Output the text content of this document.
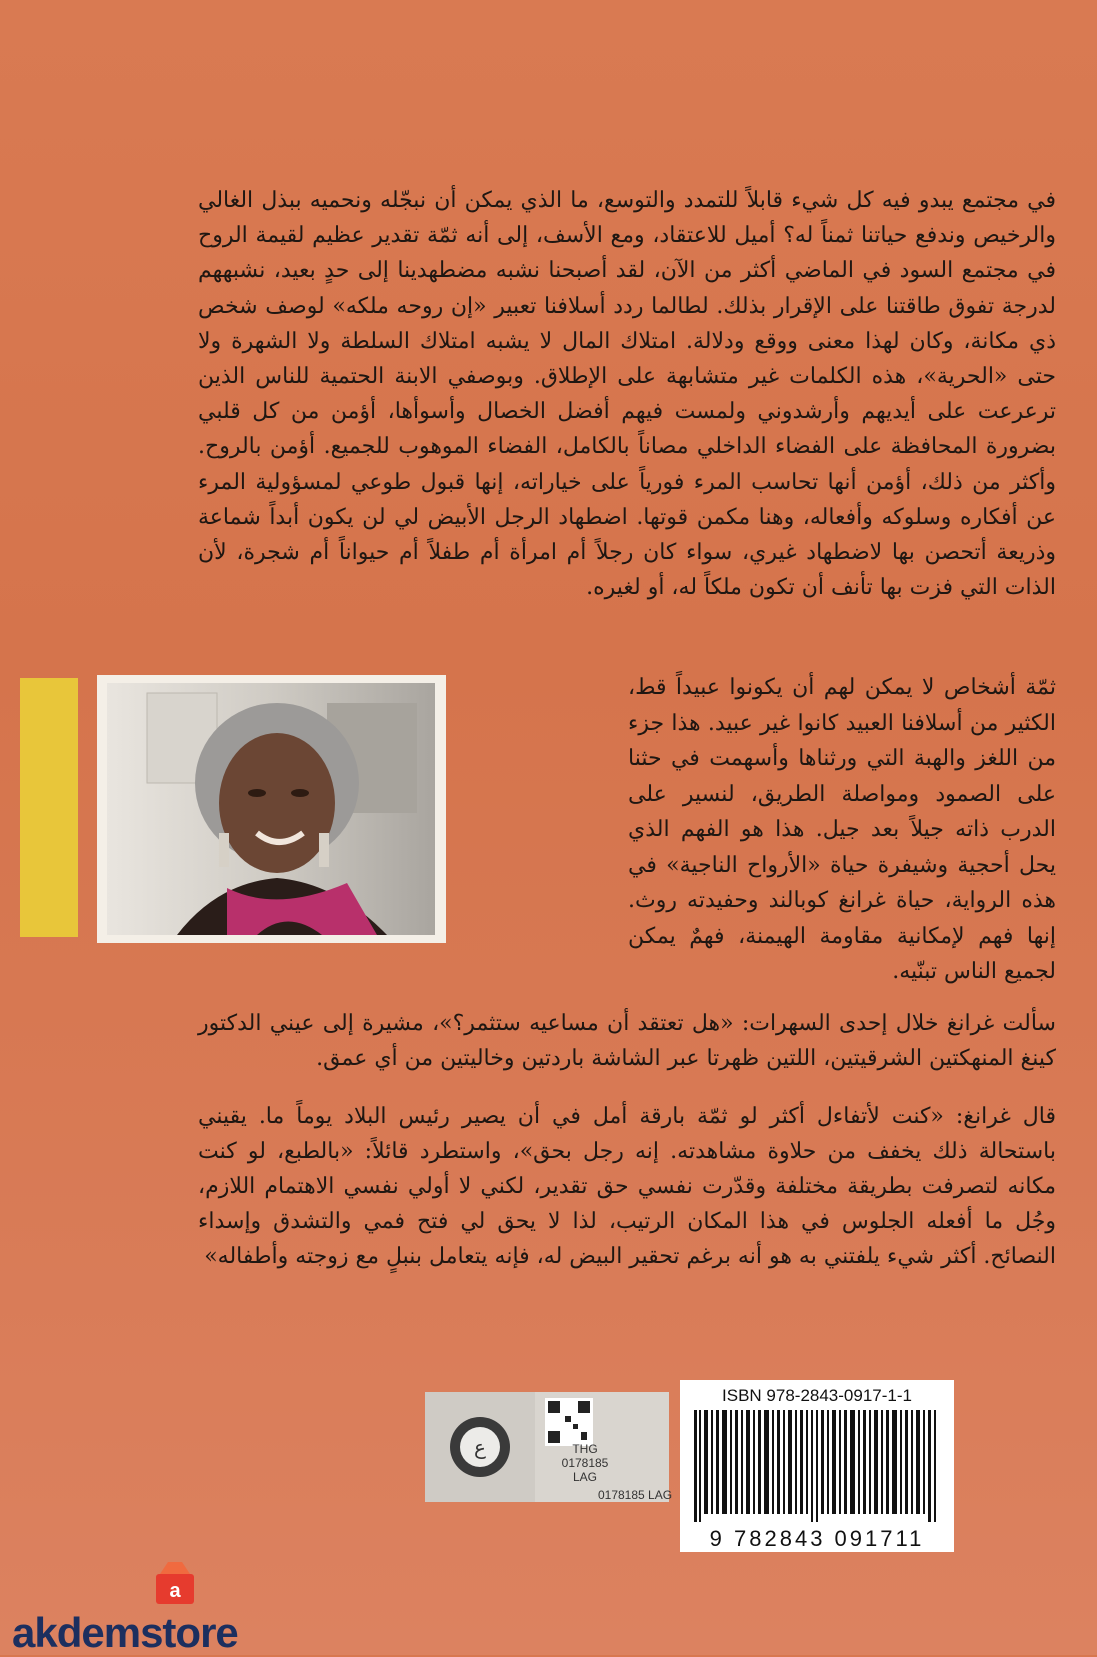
في مجتمع يبدو فيه كل شيء قابلاً للتمدد والتوسع، ما الذي يمكن أن نبجّله ونحميه ببذل الغالي والرخيص وندفع حياتنا ثمناً له؟ أميل للاعتقاد، ومع الأسف، إلى أنه ثمّة تقدير عظيم لقيمة الروح في مجتمع السود في الماضي أكثر من الآن، لقد أصبحنا نشبه مضطهدينا إلى حدٍ بعيد، نشبههم لدرجة تفوق طاقتنا على الإقرار بذلك. لطالما ردد أسلافنا تعبير «إن روحه ملكه» لوصف شخص ذي مكانة، وكان لهذا معنى ووقع ودلالة. امتلاك المال لا يشبه امتلاك السلطة ولا الشهرة ولا حتى «الحرية»، هذه الكلمات غير متشابهة على الإطلاق. وبوصفي الابنة الحتمية للناس الذين ترعرعت على أيديهم وأرشدوني ولمست فيهم أفضل الخصال وأسوأها، أؤمن من كل قلبي بضرورة المحافظة على الفضاء الداخلي مصاناً بالكامل، الفضاء الموهوب للجميع. أؤمن بالروح. وأكثر من ذلك، أؤمن أنها تحاسب المرء فورياً على خياراته، إنها قبول طوعي لمسؤولية المرء عن أفكاره وسلوكه وأفعاله، وهنا مكمن قوتها. اضطهاد الرجل الأبيض لي لن يكون أبداً شماعة وذريعة أتحصن بها لاضطهاد غيري، سواء كان رجلاً أم امرأة أم طفلاً أم حيواناً أم شجرة، لأن الذات التي فزت بها تأنف أن تكون ملكاً له، أو لغيره.
ثمّة أشخاص لا يمكن لهم أن يكونوا عبيداً قط، الكثير من أسلافنا العبيد كانوا غير عبيد. هذا جزء من اللغز والهبة التي ورثناها وأسهمت في حثنا على الصمود ومواصلة الطريق، لنسير على الدرب ذاته جيلاً بعد جيل. هذا هو الفهم الذي يحل أحجية وشيفرة حياة «الأرواح الناجية» في هذه الرواية، حياة غرانغ كوبالند وحفيدته روث. إنها فهم لإمكانية مقاومة الهيمنة، فهمٌ يمكن لجميع الناس تبنّيه.
سألت غرانغ خلال إحدى السهرات: «هل تعتقد أن مساعيه ستثمر؟»، مشيرة إلى عيني الدكتور كينغ المنهكتين الشرقيتين، اللتين ظهرتا عبر الشاشة باردتين وخاليتين من أي عمق.
قال غرانغ: «كنت لأتفاءل أكثر لو ثمّة بارقة أمل في أن يصير رئيس البلاد يوماً ما. يقيني باستحالة ذلك يخفف من حلاوة مشاهدته. إنه رجل بحق»، واستطرد قائلاً: «بالطبع، لو كنت مكانه لتصرفت بطريقة مختلفة وقدّرت نفسي حق تقدير، لكني لا أولي نفسي الاهتمام اللازم، وجُل ما أفعله الجلوس في هذا المكان الرتيب، لذا لا يحق لي فتح فمي والتشدق وإسداء النصائح. أكثر شيء يلفتني به هو أنه برغم تحقير البيض له، فإنه يتعامل بنبلٍ مع زوجته وأطفاله»
ISBN 978-2843-0917-1-1
9 782843 091711
ع	THG
0178185
LAG
0178185 LAG
a
akdemstore
